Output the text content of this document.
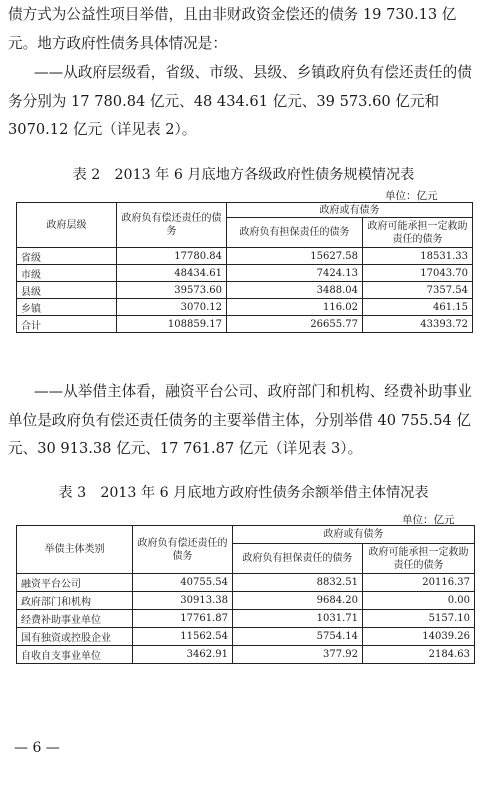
债方式为公益性项目举借，且由非财政资金偿还的债务 19 730.13 亿元。地方政府性债务具体情况是：

——从政府层级看，省级、市级、县级、乡镇政府负有偿还责任的债务分别为 17 780.84 亿元、48 434.61 亿元、39 573.60 亿元和 3070.12 亿元（详见表 2）。

表 2　2013 年 6 月底地方各级政府性债务规模情况表
单位：亿元
政府层级	政府负有偿还责任的债务	政府或有债务	
		政府负有担保责任的债务	政府可能承担一定救助责任的债务
省级	17780.84	15627.58	18531.33
市级	48434.61	7424.13	17043.70
县级	39573.60	3488.04	7357.54
乡镇	3070.12	116.02	461.15
合计	108859.17	26655.77	43393.72

——从举借主体看，融资平台公司、政府部门和机构、经费补助事业单位是政府负有偿还责任债务的主要举借主体，分别举借 40 755.54 亿元、30 913.38 亿元、17 761.87 亿元（详见表 3）。

表 3　2013 年 6 月底地方政府性债务余额举借主体情况表
单位：亿元
举债主体类别	政府负有偿还责任的债务	政府或有债务	
		政府负有担保责任的债务	政府可能承担一定救助责任的债务
融资平台公司	40755.54	8832.51	20116.37
政府部门和机构	30913.38	9684.20	0.00
经费补助事业单位	17761.87	1031.71	5157.10
国有独资或控股企业	11562.54	5754.14	14039.26
自收自支事业单位	3462.91	377.92	2184.63
— 6 —
